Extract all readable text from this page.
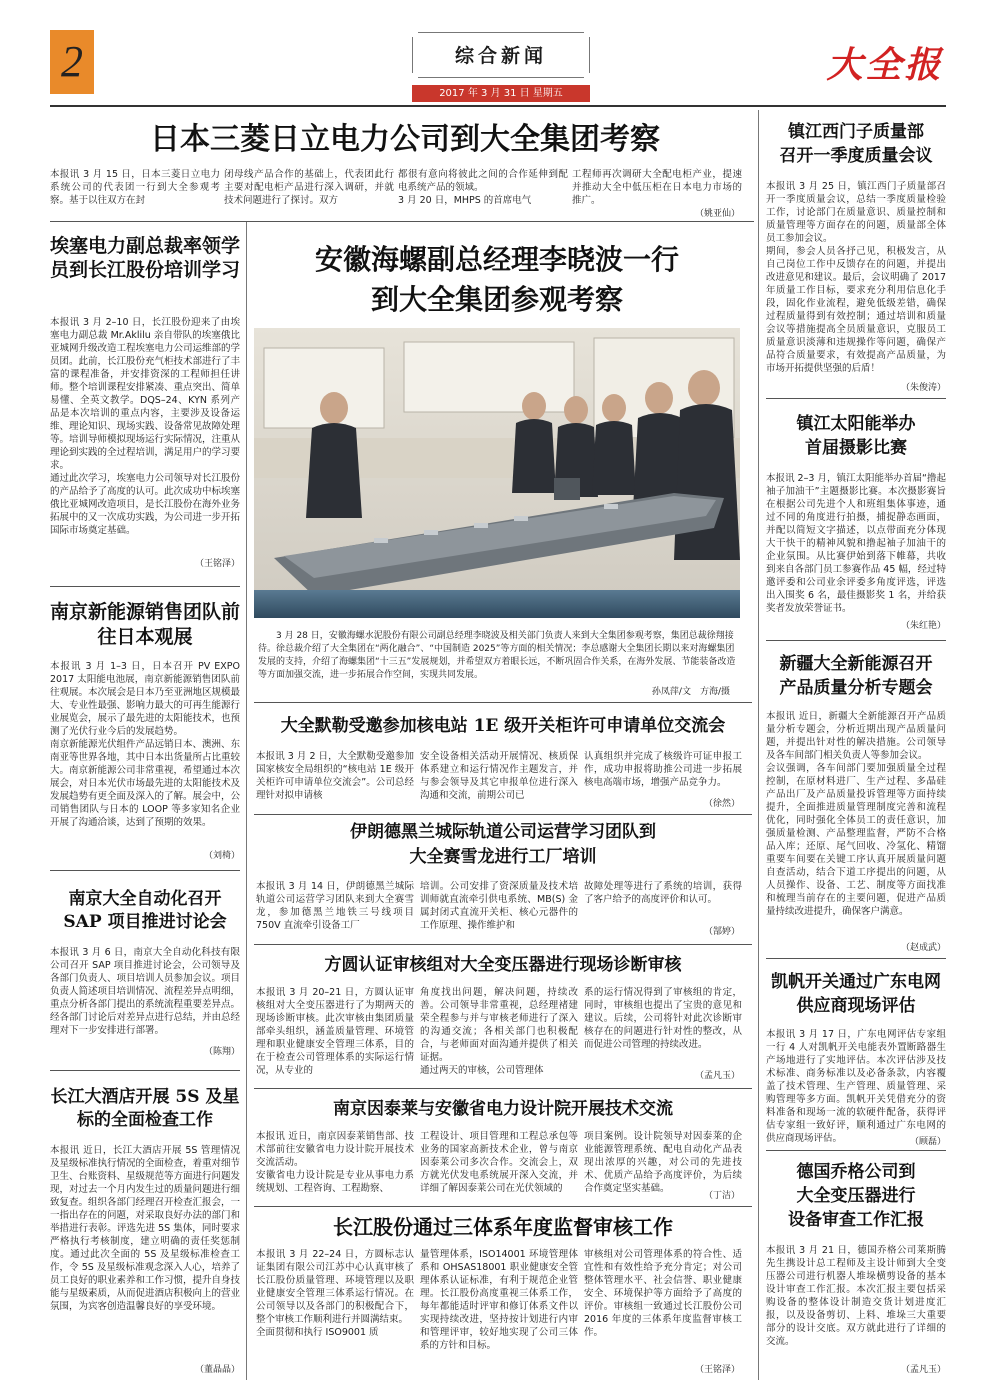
2	综合新闻
2017 年 3 月 31 日 星期五
大全报
日本三菱日立电力公司到大全集团考察
本报讯 3 月 15 日，日本三菱日立电力系统公司的代表团一行到大全参观考察。基于以往双方在封
闭母线产品合作的基础上，代表团此行主要对配电柜产品进行深入调研，并就技术问题进行了探讨。双方
都很有意向将彼此之间的合作延伸到配电系统产品的领域。
3 月 20 日，MHPS 的首席电气
工程师再次调研大全配电柜产业，提速并推动大全中低压柜在日本电力市场的推广。
（姚亚仙）
埃塞电力副总裁率领学员到长江股份培训学习
本报讯 3 月 2–10 日，长江股份迎来了由埃塞电力副总裁 Mr.Aklilu 亲自带队的埃塞俄比亚城网升级改造工程埃塞电力公司运维部的学员团。此前，长江股份充气柜技术部进行了丰富的课程准备，并安排资深的工程师担任讲师。整个培训课程安排紧凑、重点突出、简单易懂、全英文教学。DQS–24、KYN 系列产品是本次培训的重点内容，主要涉及设备运维、理论知识、现场实践、设备常见故障处理等。培训导师模拟现场运行实际情况，注重从理论到实践的全过程培训，满足用户的学习要求。
通过此次学习，埃塞电力公司领导对长江股份的产品给予了高度的认可。此次成功中标埃塞俄比亚城网改造项目，是长江股份在海外业务拓展中的又一次成功实践，为公司进一步开拓国际市场奠定基础。
（王铭泽）
南京新能源销售团队前往日本观展
本报讯 3 月 1–3 日，日本召开 PV EXPO 2017 太阳能电池展，南京新能源销售团队前往观展。本次展会是日本乃至亚洲地区规模最大、专业性最强、影响力最大的可再生能源行业展览会，展示了最先进的太阳能技术，也预测了光伏行业今后的发展趋势。
南京新能源光伏组件产品远销日本、澳洲、东南亚等世界各地，其中日本出货量所占比重较大。南京新能源公司非常重视，希望通过本次展会，对日本光伏市场最先进的太阳能技术及发展趋势有更全面及深入的了解。展会中，公司销售团队与日本的 LOOP 等多家知名企业开展了沟通洽谈，达到了预期的效果。
（刘椅）
南京大全自动化召开SAP 项目推进讨论会
本报讯 3 月 6 日，南京大全自动化科技有限公司召开 SAP 项目推进讨论会，公司领导及各部门负责人、项目培训人员参加会议。项目负责人简述项目培训情况、流程差异点明细，重点分析各部门提出的系统流程重要差异点。经各部门讨论后对差异点进行总结，并由总经理对下一步安排进行部署。
（陈翔）
长江大酒店开展 5S 及星标的全面检查工作
本报讯 近日，长江大酒店开展 5S 管理情况及星级标准执行情况的全面检查，着重对细节卫生、台账资料、星级规范等方面进行问题发现，对过去一个月内发生过的质量问题进行细致复查。组织各部门经理召开检查汇报会，一一指出存在的问题，对采取良好办法的部门和举措进行表彰。评选先进 5S 集体，同时要求严格执行考核制度，建立明确的责任奖惩制度。通过此次全面的 5S 及星级标准检查工作，令 5S 及星级标准观念深入人心，培养了员工良好的职业素养和工作习惯，提升自身技能与星级素质，从而促进酒店积极向上的营业氛围，为宾客创造温馨良好的享受环境。
（董晶晶）
安徽海螺副总经理李晓波一行
到大全集团参观考察
3 月 28 日，安徽海螺水泥股份有限公司副总经理李晓波及相关部门负责人来到大全集团参观考察，集团总裁徐翔接待。徐总裁介绍了大全集团在“两化融合”、“中国制造 2025”等方面的相关情况；李总感谢大全集团长期以来对海螺集团发展的支持，介绍了海螺集团“十三五”发展规划，并希望双方着眼长远，不断巩固合作关系，在海外发展、节能装备改造等方面加强交流，进一步拓展合作空间，实现共同发展。
孙凤萍/文　方海/摄
大全默勒受邀参加核电站 1E 级开关柜许可申请单位交流会
本报讯 3 月 2 日，大全默勒受邀参加国家核安全局组织的“核电站 1E 级开关柜许可申请单位交流会”。公司总经理针对拟申请核
安全设备相关活动开展情况、核质保体系建立和运行情况作主题发言，并与参会领导及其它申报单位进行深入沟通和交流，前期公司已
认真组织并完成了核级许可证申报工作，成功申报将助推公司进一步拓展核电高端市场，增强产品竞争力。
（徐然）
伊朗德黑兰城际轨道公司运营学习团队到
大全赛雪龙进行工厂培训
本报讯 3 月 14 日，伊朗德黑兰城际轨道公司运营学习团队来到大全赛雪龙，参加德黑兰地铁三号线项目 750V 直流牵引设备工厂
培训。公司安排了资深质量及技术培训师就直流牵引供电系统、MB(S) 金属封闭式直流开关柜、核心元器件的工作原理、操作维护和
故障处理等进行了系统的培训，获得了客户给予的高度评价和认可。
（郜婷）
方圆认证审核组对大全变压器进行现场诊断审核
本报讯 3 月 20–21 日，方圆认证审核组对大全变压器进行了为期两天的现场诊断审核。此次审核由集团质量部牵头组织，涵盖质量管理、环境管理和职业健康安全管理三体系，目的在于检查公司管理体系的实际运行情况，从专业的
角度找出问题，解决问题，持续改善。公司领导非常重视，总经理褚建荣全程参与并与审核老师进行了深入的沟通交流；各相关部门也积极配合，与老师面对面沟通并提供了相关证据。
通过两天的审核，公司管理体
系的运行情况得到了审核组的肯定，同时，审核组也提出了宝贵的意见和建议。后续，公司将针对此次诊断审核存在的问题进行针对性的整改，从而促进公司管理的持续改进。
（孟凡玉）
南京因泰莱与安徽省电力设计院开展技术交流
本报讯 近日，南京因泰莱销售部、技术部前往安徽省电力设计院开展技术交流活动。
安徽省电力设计院是专业从事电力系统规划、工程咨询、工程勘察、
工程设计、项目管理和工程总承包等业务的国家高新技术企业，曾与南京因泰莱公司多次合作。交流会上，双方就光伏发电系统展开深入交流，并详细了解因泰莱公司在光伏领域的
项目案例。设计院领导对因泰莱的企业能源管理系统、配电自动化产品表现出浓厚的兴趣，对公司的先进技术、优质产品给予高度评价，为后续合作奠定坚实基础。
（丁洁）
长江股份通过三体系年度监督审核工作
本报讯 3 月 22–24 日，方圆标志认证集团有限公司江苏中心认真审核了长江股份质量管理、环境管理以及职业健康安全管理三体系运行情况。在公司领导以及各部门的积极配合下，整个审核工作顺利进行并圆满结束。
全面贯彻和执行 ISO9001 质
量管理体系，ISO14001 环境管理体系和 OHSAS18001 职业健康安全管理体系认证标准，有利于规范企业管理。长江股份高度重视三体系工作，每年都能适时评审和修订体系文件以实现持续改进，坚持按计划进行内审和管理评审，较好地实现了公司三体系的方针和目标。
审核组对公司管理体系的符合性、适宜性和有效性给予充分肯定；对公司整体管理水平、社会信誉、职业健康安全、环境保护等方面给予了高度的评价。审核组一致通过长江股份公司 2016 年度的三体系年度监督审核工作。
（王铭泽）
镇江西门子质量部
召开一季度质量会议
本报讯 3 月 25 日，镇江西门子质量部召开一季度质量会议，总结一季度质量检验工作，讨论部门在质量意识、质量控制和质量管理等方面存在的问题，质量部全体员工参加会议。
期间，参会人员各抒己见，积极发言，从自己岗位工作中反馈存在的问题，并提出改进意见和建议。最后，会议明确了 2017 年质量工作目标，要求充分利用信息化手段，固化作业流程，避免低级差错，确保过程质量得到有效控制；通过培训和质量会议等措施提高全员质量意识，克服员工质量意识淡薄和违规操作等问题，确保产品符合质量要求，有效提高产品质量，为市场开拓提供坚强的后盾！
（朱俊涛）
镇江太阳能举办
首届摄影比赛
本报讯 2–3 月，镇江太阳能举办首届“撸起袖子加油干”主题摄影比赛。本次摄影赛旨在根据公司先进个人和班组集体事迹，通过不同的角度进行拍摄，捕捉静态画面，并配以简短文字描述，以点带面充分体现大干快干的精神风貌和撸起袖子加油干的企业氛围。从比赛伊始到落下帷幕，共收到来自各部门员工参赛作品 45 幅，经过特邀评委和公司业余评委多角度评选，评选出入围奖 6 名，最佳摄影奖 1 名，并给获奖者发放荣誉证书。
（朱红艳）
新疆大全新能源召开
产品质量分析专题会
本报讯 近日，新疆大全新能源召开产品质量分析专题会，分析近期出现产品质量问题，并提出针对性的解决措施。公司领导及各车间部门相关负责人等参加会议。
会议强调，各车间部门要加强质量全过程控制，在原材料进厂、生产过程、多晶硅产品出厂及产品质量投诉管理等方面持续提升，全面推进质量管理制度完善和流程优化，同时强化全体员工的责任意识，加强质量检测、产品整理监督，严防不合格品入库；还原、尾气回收、冷氢化、精馏重要车间要在关键工序认真开展质量问题自查活动，结合下道工序提出的问题，从人员操作、设备、工艺、制度等方面找准和梳理当前存在的主要问题，促进产品质量持续改进提升，确保客户满意。
（赵成武）
凯帆开关通过广东电网
供应商现场评估
本报讯 3 月 17 日，广东电网评估专家组一行 4 人对凯帆开关电能表外置断路器生产场地进行了实地评估。本次评估涉及技术标准、商务标准以及必备条款，内容覆盖了技术管理、生产管理、质量管理、采购管理等多方面。凯帆开关凭借充分的资料准备和现场一流的软硬件配备，获得评估专家组一致好评，顺利通过广东电网的供应商现场评估。	（顾磊）
德国乔格公司到
大全变压器进行
设备审查工作汇报
本报讯 3 月 21 日，德国乔格公司莱斯腾先生携设计总工程师及主设计师到大全变压器公司进行机器人堆垛横剪设备的基本设计审查工作汇报。本次汇报主要包括采购设备的整体设计制造交货计划进度汇报，以及设备剪切、上料、堆垛三大重要部分的设计交底。双方就此进行了详细的交流。
（孟凡玉）
